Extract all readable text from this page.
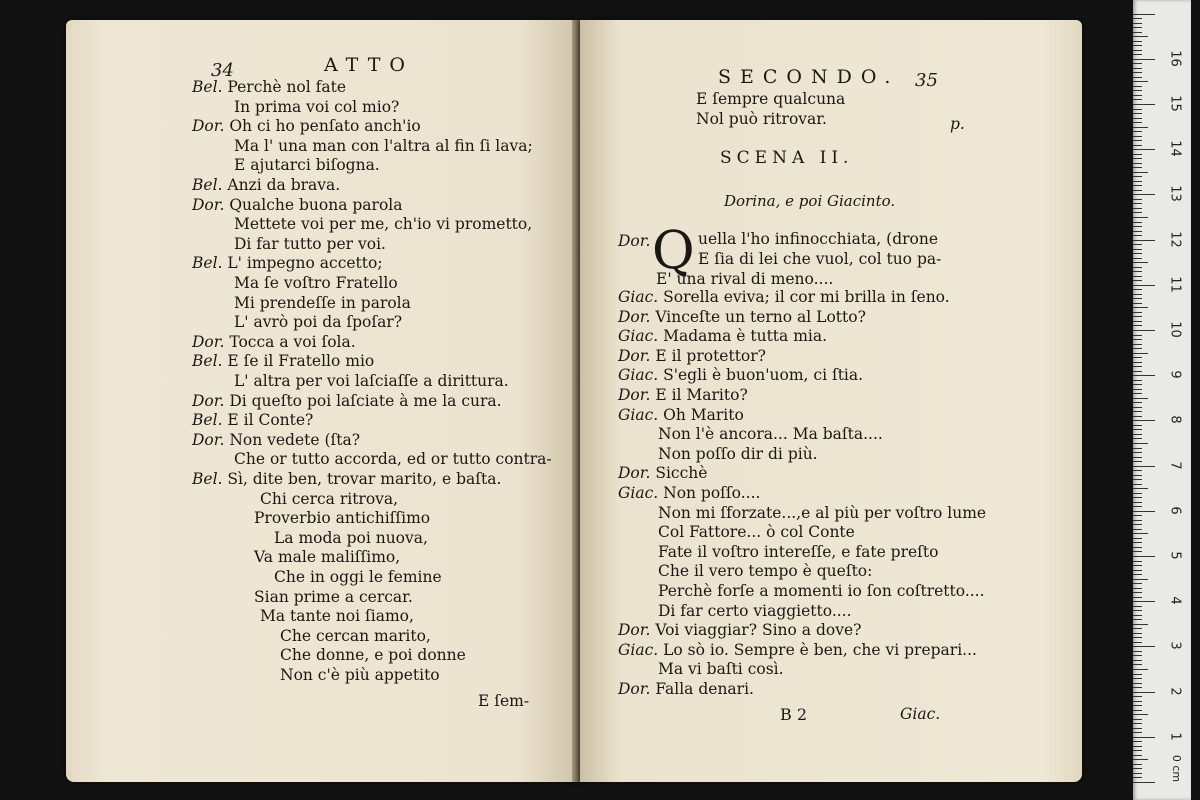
34	ATTO
Bel. Perchè nol fate
In prima voi col mio?
Dor. Oh ci ho penſato anch'io
Ma l' una man con l'altra al fin ſi lava;
E ajutarci biſogna.
Bel. Anzi da brava.
Dor. Qualche buona parola
Mettete voi per me, ch'io vi prometto,
Di far tutto per voi.
Bel. L' impegno accetto;
Ma ſe voſtro Fratello
Mi prendeſſe in parola
L' avrò poi da ſpoſar?
Dor. Tocca a voi ſola.
Bel. E ſe il Fratello mio
L' altra per voi laſciaſſe a dirittura.
Dor. Di queſto poi laſciate à me la cura.
Bel. E il Conte?
Dor. Non vedete (ſta?
Che or tutto accorda, ed or tutto contra-
Bel. Sì, dite ben, trovar marito, e baſta.
Chi cerca ritrova,
Proverbio antichiſſimo
La moda poi nuova,
Va male maliſſimo,
Che in oggi le femine
Sian prime a cercar.
Ma tante noi ſiamo,
Che cercan marito,
Che donne, e poi donne
Non c'è più appetito
E ſem-
SECONDO. 35
p.
SCENA II.
Dorina, e poi Giacinto.
Dor. Q
E ſempre qualcuna
Nol può ritrovar.
uella l'ho infinocchiata, (drone
E ſia di lei che vuol, col tuo pa-
E' una rival di meno....
Giac. Sorella eviva; il cor mi brilla in ſeno.
Dor. Vinceſte un terno al Lotto?
Giac. Madama è tutta mia.
Dor. E il protettor?
Giac. S'egli è buon'uom, ci ſtia.
Dor. E il Marito?
Giac. Oh Marito
Non l'è ancora... Ma baſta....
Non poſſo dir di più.
Dor. Sicchè
Giac. Non poſſo....
Non mi ſforzate...,e al più per voſtro lume
Col Fattore... ò col Conte
Fate il voſtro intereſſe, e fate preſto
Che il vero tempo è queſto:
Perchè forſe a momenti io ſon coſtretto....
Di far certo viaggietto....
Dor. Voi viaggiar? Sino a dove?
Giac. Lo sò io. Sempre è ben, che vi prepari...
Ma vi baſti così.
Dor. Falla denari.
B 2	Giac.
16
15
14
13
12
11
10
9
8
7
6
5
4
3
2
1
0 cm
